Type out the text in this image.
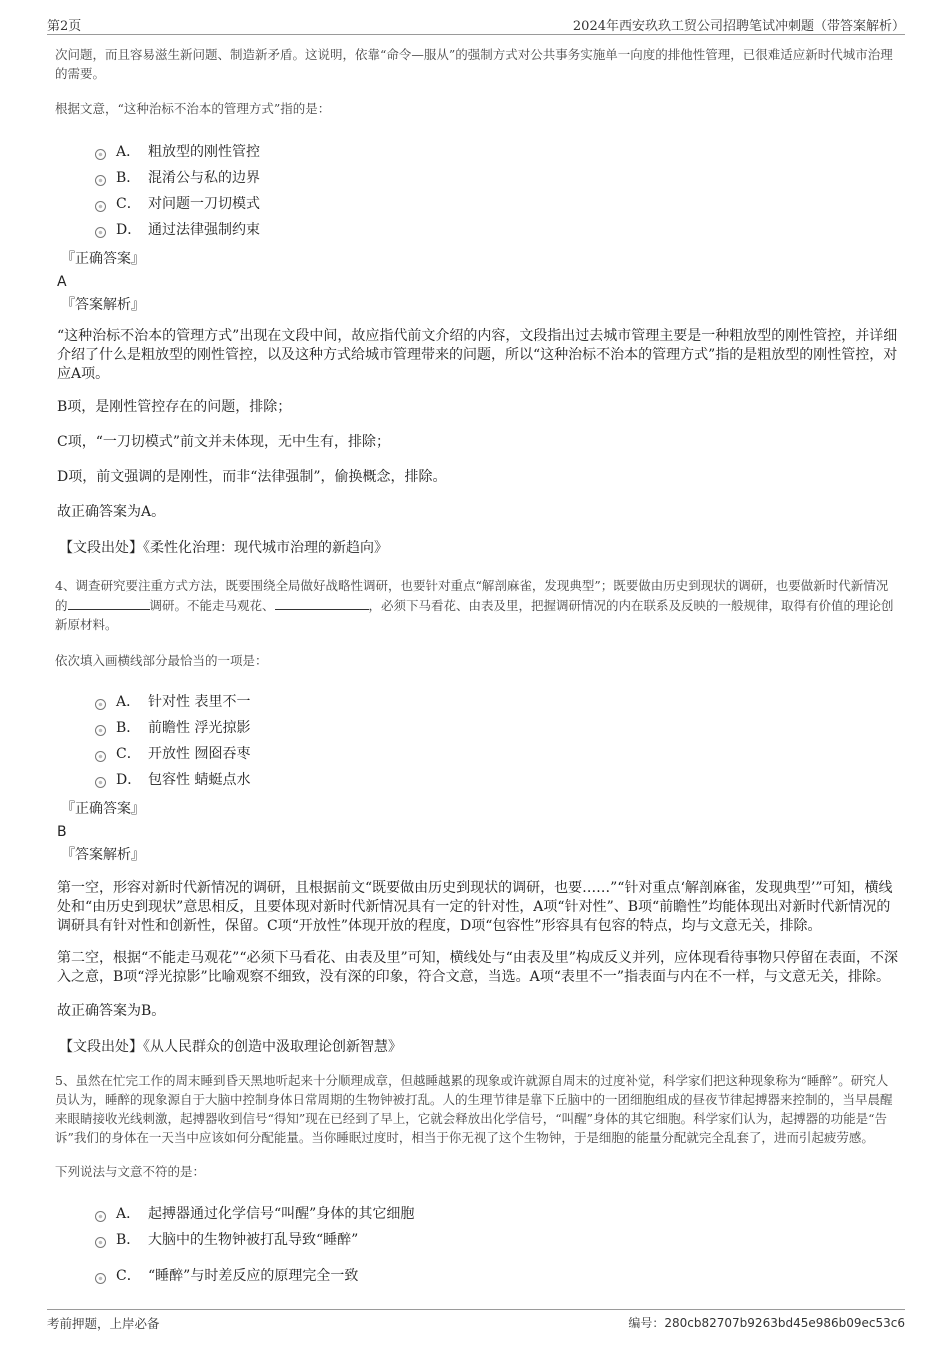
第2页	2024年西安玖玖工贸公司招聘笔试冲刺题（带答案解析）

次问题，而且容易滋生新问题、制造新矛盾。这说明，依靠“命令—服从”的强制方式对公共事务实施单一向度的排他性管理，已很难适应新时代城市治理的需要。

根据文意，“这种治标不治本的管理方式”指的是：

A． 粗放型的刚性管控
B． 混淆公与私的边界
C． 对问题一刀切模式
D． 通过法律强制约束
『正确答案』
A
『答案解析』

“这种治标不治本的管理方式”出现在文段中间，故应指代前文介绍的内容，文段指出过去城市管理主要是一种粗放型的刚性管控，并详细介绍了什么是粗放型的刚性管控，以及这种方式给城市管理带来的问题，所以“这种治标不治本的管理方式”指的是粗放型的刚性管控，对应A项。

B项，是刚性管控存在的问题，排除；

C项，“一刀切模式”前文并未体现，无中生有，排除；

D项，前文强调的是刚性，而非“法律强制”，偷换概念，排除。

故正确答案为A。

【文段出处】《柔性化治理：现代城市治理的新趋向》

4、调查研究要注重方式方法，既要围绕全局做好战略性调研，也要针对重点“解剖麻雀，发现典型”；既要做由历史到现状的调研，也要做新时代新情况的	调研。不能走马观花、	，必须下马看花、由表及里，把握调研情况的内在联系及反映的一般规律，取得有价值的理论创新原材料。

依次填入画横线部分最恰当的一项是：

A． 针对性 表里不一
B． 前瞻性 浮光掠影
C． 开放性 囫囵吞枣
D． 包容性 蜻蜓点水
『正确答案』
B
『答案解析』

第一空，形容对新时代新情况的调研，且根据前文“既要做由历史到现状的调研，也要……”“针对重点‘解剖麻雀，发现典型’”可知，横线处和“由历史到现状”意思相反，且要体现对新时代新情况具有一定的针对性，A项“针对性”、B项“前瞻性”均能体现出对新时代新情况的调研具有针对性和创新性，保留。C项“开放性”体现开放的程度，D项“包容性”形容具有包容的特点，均与文意无关，排除。

第二空，根据“不能走马观花”“必须下马看花、由表及里”可知，横线处与“由表及里”构成反义并列，应体现看待事物只停留在表面，不深入之意，B项“浮光掠影”比喻观察不细致，没有深的印象，符合文意，当选。A项“表里不一”指表面与内在不一样，与文意无关，排除。

故正确答案为B。

【文段出处】《从人民群众的创造中汲取理论创新智慧》

5、虽然在忙完工作的周末睡到昏天黑地听起来十分顺理成章，但越睡越累的现象或许就源自周末的过度补觉，科学家们把这种现象称为“睡醉”。研究人员认为，睡醉的现象源自于大脑中控制身体日常周期的生物钟被打乱。人的生理节律是靠下丘脑中的一团细胞组成的昼夜节律起搏器来控制的，当早晨醒来眼睛接收光线刺激，起搏器收到信号“得知”现在已经到了早上，它就会释放出化学信号，“叫醒”身体的其它细胞。科学家们认为，起搏器的功能是“告诉”我们的身体在一天当中应该如何分配能量。当你睡眠过度时，相当于你无视了这个生物钟，于是细胞的能量分配就完全乱套了，进而引起疲劳感。

下列说法与文意不符的是：

A． 起搏器通过化学信号“叫醒”身体的其它细胞
B． 大脑中的生物钟被打乱导致“睡醉”
C． “睡醉”与时差反应的原理完全一致
考前押题，上岸必备	编号：280cb82707b9263bd45e986b09ec53c6
